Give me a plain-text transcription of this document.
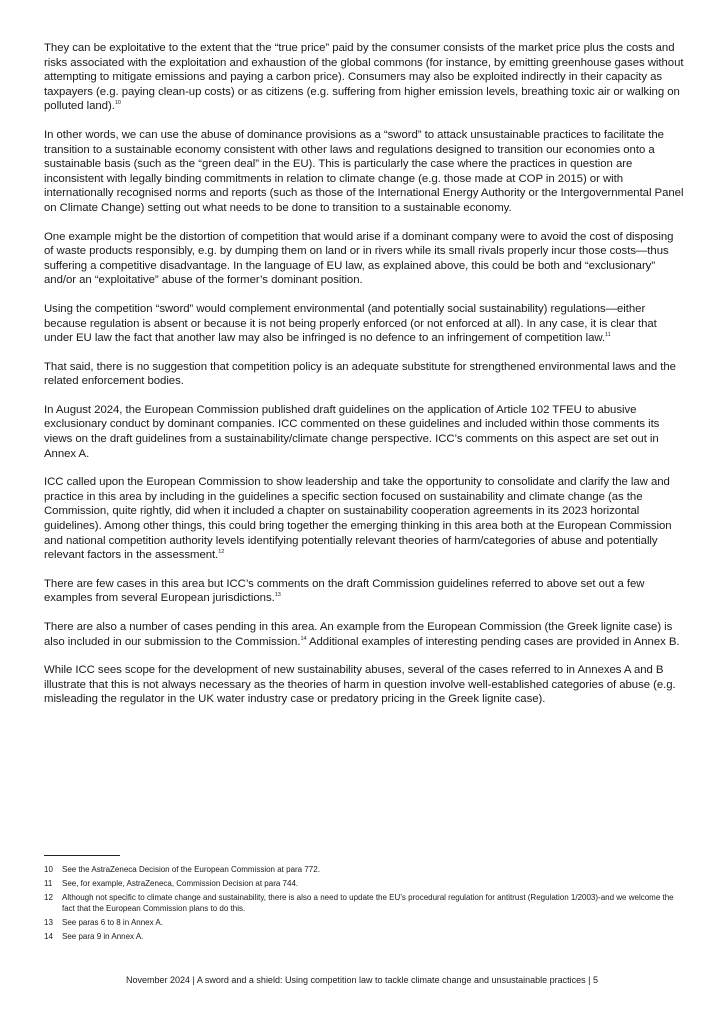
They can be exploitative to the extent that the “true price” paid by the consumer consists of the market price plus the costs and risks associated with the exploitation and exhaustion of the global commons (for instance, by emitting greenhouse gases without attempting to mitigate emissions and paying a carbon price). Consumers may also be exploited indirectly in their capacity as taxpayers (e.g. paying clean-up costs) or as citizens (e.g. suffering from higher emission levels, breathing toxic air or walking on polluted land).$^{10}$

In other words, we can use the abuse of dominance provisions as a “sword” to attack unsustainable practices to facilitate the transition to a sustainable economy consistent with other laws and regulations designed to transition our economies onto a sustainable basis (such as the “green deal” in the EU). This is particularly the case where the practices in question are inconsistent with legally binding commitments in relation to climate change (e.g. those made at COP in 2015) or with internationally recognised norms and reports (such as those of the International Energy Authority or the Intergovernmental Panel on Climate Change) setting out what needs to be done to transition to a sustainable economy.

One example might be the distortion of competition that would arise if a dominant company were to avoid the cost of disposing of waste products responsibly, e.g. by dumping them on land or in rivers while its small rivals properly incur those costs—thus suffering a competitive disadvantage. In the language of EU law, as explained above, this could be both and “exclusionary” and/or an “exploitative” abuse of the former’s dominant position.

Using the competition “sword” would complement environmental (and potentially social sustainability) regulations—either because regulation is absent or because it is not being properly enforced (or not enforced at all). In any case, it is clear that under EU law the fact that another law may also be infringed is no defence to an infringement of competition law.$^{11}$

That said, there is no suggestion that competition policy is an adequate substitute for strengthened environmental laws and the related enforcement bodies.

In August 2024, the European Commission published draft guidelines on the application of Article 102 TFEU to abusive exclusionary conduct by dominant companies. ICC commented on these guidelines and included within those comments its views on the draft guidelines from a sustainability/climate change perspective. ICC’s comments on this aspect are set out in Annex A.

ICC called upon the European Commission to show leadership and take the opportunity to consolidate and clarify the law and practice in this area by including in the guidelines a specific section focused on sustainability and climate change (as the Commission, quite rightly, did when it included a chapter on sustainability cooperation agreements in its 2023 horizontal guidelines). Among other things, this could bring together the emerging thinking in this area both at the European Commission and national competition authority levels identifying potentially relevant theories of harm/categories of abuse and potentially relevant factors in the assessment.$^{12}$

There are few cases in this area but ICC’s comments on the draft Commission guidelines referred to above set out a few examples from several European jurisdictions.$^{13}$

There are also a number of cases pending in this area. An example from the European Commission (the Greek lignite case) is also included in our submission to the Commission.$^{14}$ Additional examples of interesting pending cases are provided in Annex B.

While ICC sees scope for the development of new sustainability abuses, several of the cases referred to in Annexes A and B illustrate that this is not always necessary as the theories of harm in question involve well-established categories of abuse (e.g. misleading the regulator in the UK water industry case or predatory pricing in the Greek lignite case).

10	See the AstraZeneca Decision of the European Commission at para 772.
11	See, for example, AstraZeneca, Commission Decision at para 744.
12	Although not specific to climate change and sustainability, there is also a need to update the EU’s procedural regulation for antitrust (Regulation 1/2003)-and we welcome the fact that the European Commission plans to do this.
13	See paras 6 to 8 in Annex A.
14	See para 9 in Annex A.
November 2024 | A sword and a shield: Using competition law to tackle climate change and unsustainable practices | 5
